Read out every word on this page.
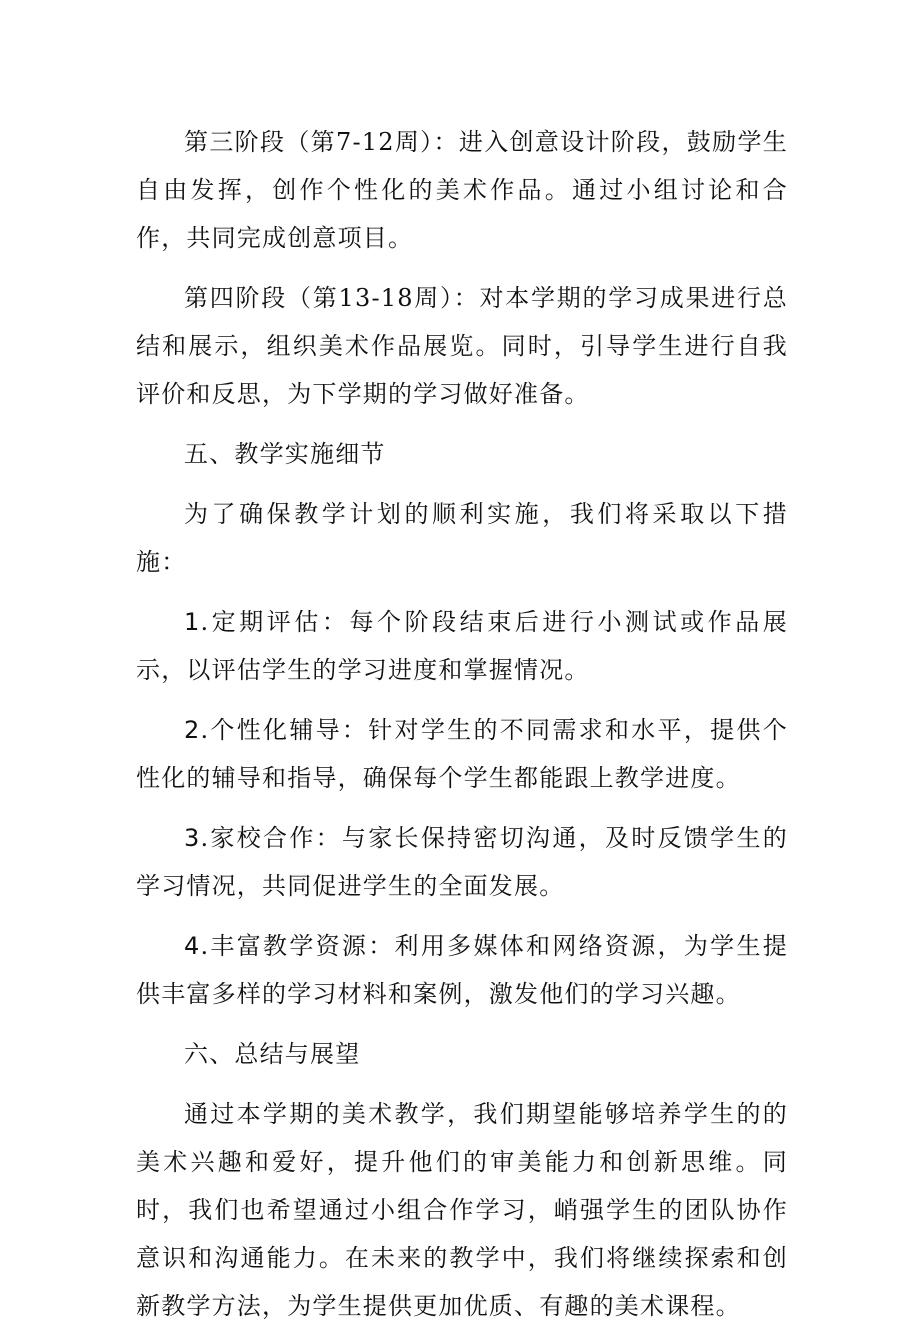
第三阶段（第7-12周）：进入创意设计阶段，鼓励学生自由发挥，创作个性化的美术作品。通过小组讨论和合作，共同完成创意项目。

第四阶段（第13-18周）：对本学期的学习成果进行总结和展示，组织美术作品展览。同时，引导学生进行自我评价和反思，为下学期的学习做好准备。

五、教学实施细节

为了确保教学计划的顺利实施，我们将采取以下措施：

1.定期评估：每个阶段结束后进行小测试或作品展示，以评估学生的学习进度和掌握情况。

2.个性化辅导：针对学生的不同需求和水平，提供个性化的辅导和指导，确保每个学生都能跟上教学进度。

3.家校合作：与家长保持密切沟通，及时反馈学生的学习情况，共同促进学生的全面发展。

4.丰富教学资源：利用多媒体和网络资源，为学生提供丰富多样的学习材料和案例，激发他们的学习兴趣。

六、总结与展望

通过本学期的美术教学，我们期望能够培养学生的的美术兴趣和爱好，提升他们的审美能力和创新思维。同时，我们也希望通过小组合作学习，峭强学生的团队协作意识和沟通能力。在未来的教学中，我们将继续探索和创新教学方法，为学生提供更加优质、有趣的美术课程。
